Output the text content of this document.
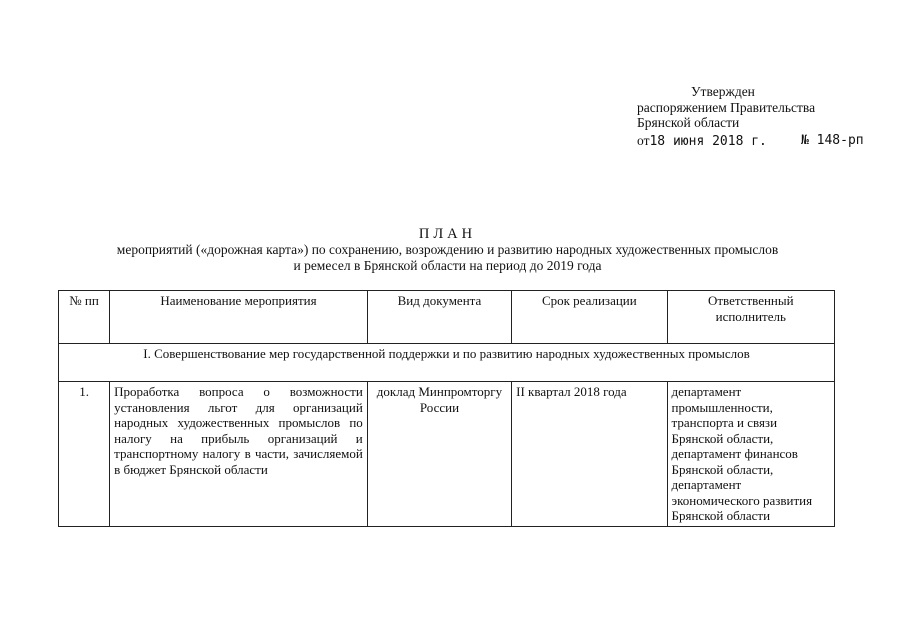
Утвержден
распоряжением Правительства
Брянской области
от18 июня 2018 г.	№ 148-рп
ПЛАН
мероприятий («дорожная карта») по сохранению, возрождению и развитию народных художественных промыслов
и ремесел в Брянской области на период до 2019 года
№ пп	Наименование мероприятия	Вид документа	Срок реализации	Ответственный исполнитель
I. Совершенствование мер государственной поддержки и по развитию народных художественных промыслов				
1.	Проработка вопроса о возможности установления льгот для организаций народных художественных промыслов по налогу на прибыль организаций и транспортному налогу в части, зачисляемой в бюджет Брянской области	доклад Минпромторгу России	II квартал 2018 года	департамент промышленности, транспорта и связи Брянской области, департамент финансов Брянской области, департамент экономического развития Брянской области
